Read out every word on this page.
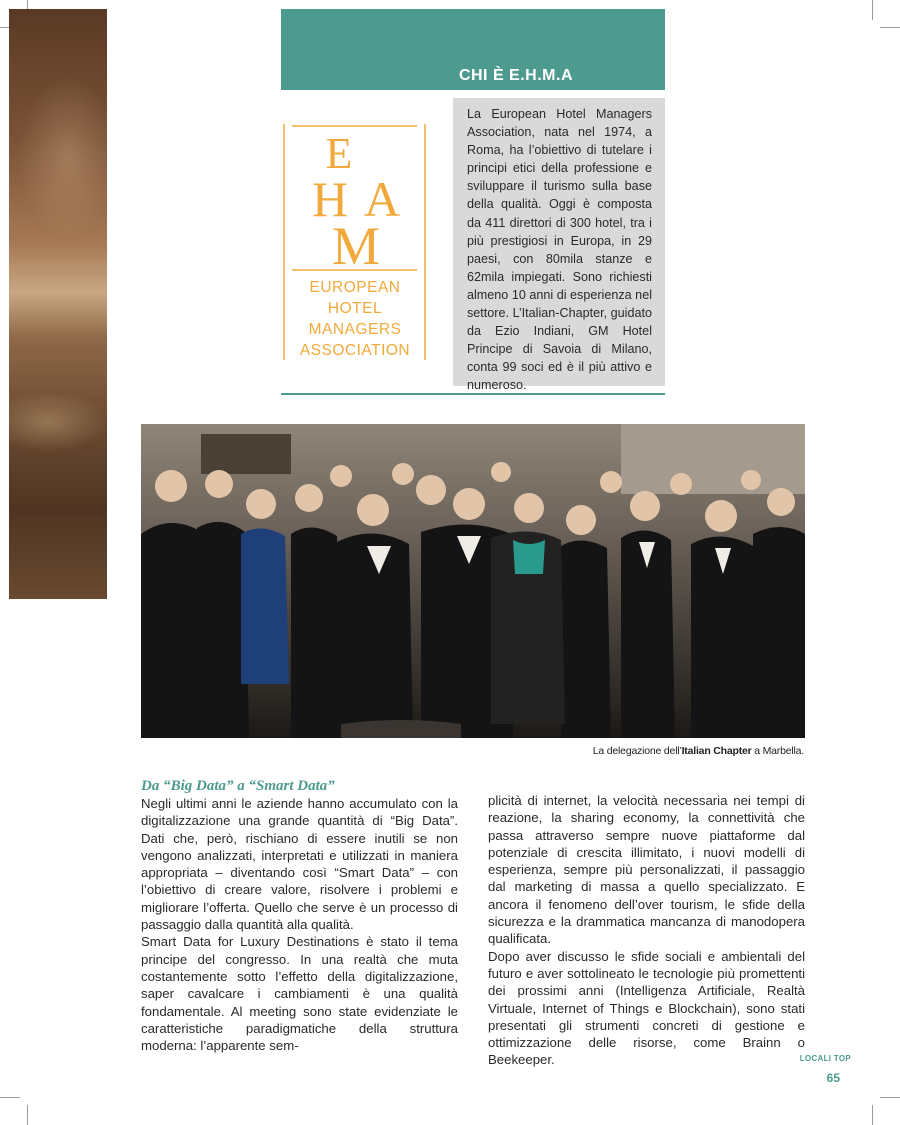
CHI È E.H.M.A
E
H A
M
EUROPEAN
HOTEL
MANAGERS
ASSOCIATION

La European Hotel Managers Association, nata nel 1974, a Roma, ha l’obiettivo di tutelare i principi etici della professione e sviluppare il turismo sulla base della qualità. Oggi è composta da 411 direttori di 300 hotel, tra i più prestigiosi in Europa, in 29 paesi, con 80mila stanze e 62mila impiegati. Sono richiesti almeno 10 anni di esperienza nel settore. L’Italian-Chapter, guidato da Ezio Indiani, GM Hotel Principe di Savoia di Milano, conta 99 soci ed è il più attivo e numeroso.

La delegazione dell’Italian Chapter a Marbella.
Da “Big Data” a “Smart Data”

Negli ultimi anni le aziende hanno accumulato con la digitalizzazione una grande quantità di “Big Data”. Dati che, però, rischiano di essere inutili se non vengono analizzati, interpretati e utilizzati in maniera appropriata – diventando così “Smart Data” – con l’obiettivo di creare valore, risolvere i problemi e migliorare l’offerta. Quello che serve è un processo di passaggio dalla quantità alla qualità.

Smart Data for Luxury Destinations è stato il tema principe del congresso. In una realtà che muta costantemente sotto l’effetto della digitalizzazione, saper cavalcare i cambiamenti è una qualità fondamentale. Al meeting sono state evidenziate le caratteristiche paradigmatiche della struttura moderna: l’apparente sem-

plicità di internet, la velocità necessaria nei tempi di reazione, la sharing economy, la connettività che passa attraverso sempre nuove piattaforme dal potenziale di crescita illimitato, i nuovi modelli di esperienza, sempre più personalizzati, il passaggio dal marketing di massa a quello specializzato. E ancora il fenomeno dell’over tourism, le sfide della sicurezza e la drammatica mancanza di manodopera qualificata.

Dopo aver discusso le sfide sociali e ambientali del futuro e aver sottolineato le tecnologie più promettenti dei prossimi anni (Intelligenza Artificiale, Realtà Virtuale, Internet of Things e Blockchain), sono stati presentati gli strumenti concreti di gestione e ottimizzazione delle risorse, come Brainn o Beekeeper.	LOCALI TOP
65
